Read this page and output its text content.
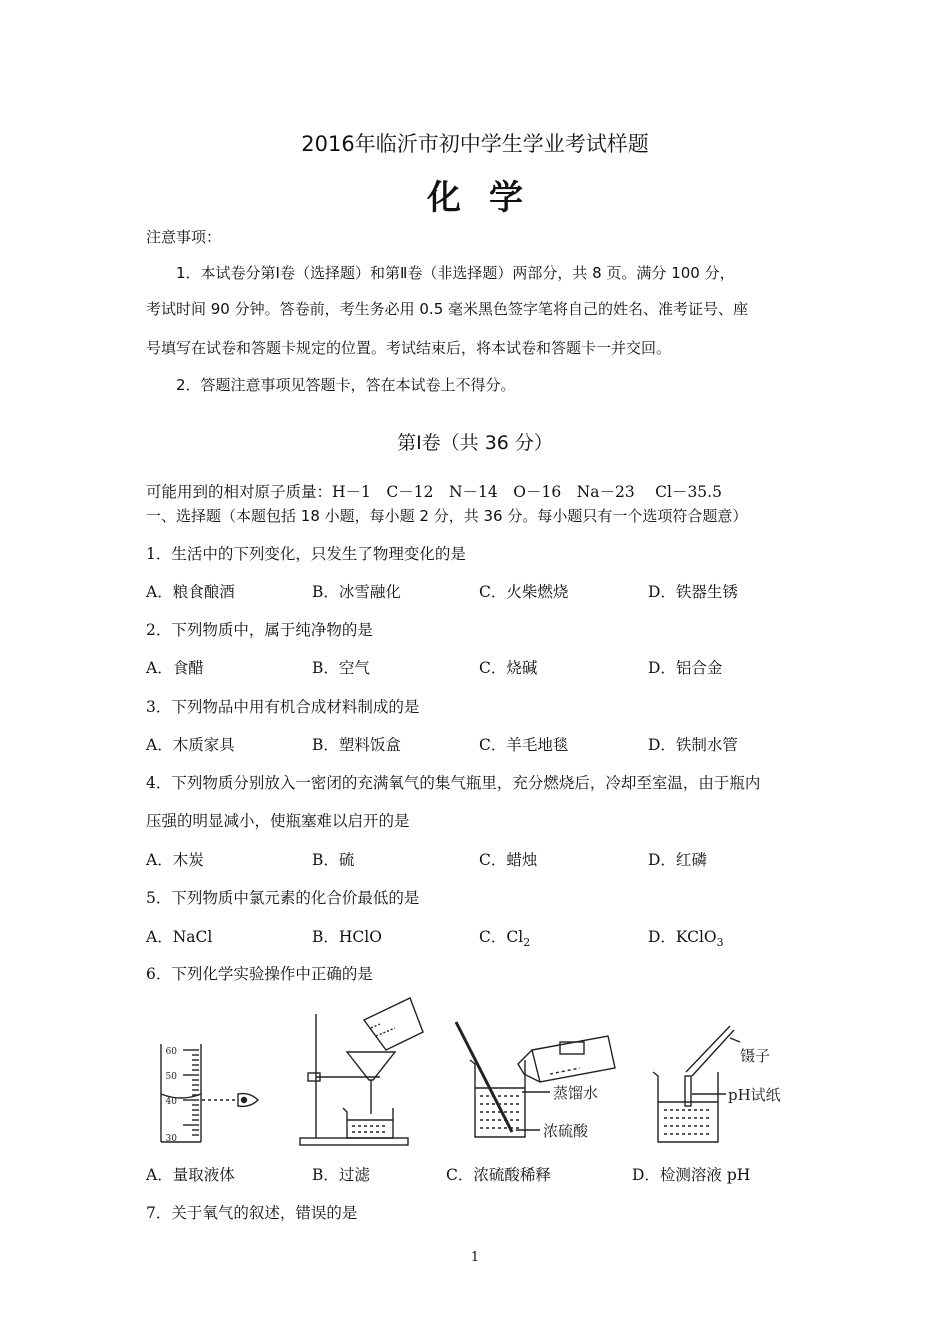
2016年临沂市初中学生学业考试样题
化学
注意事项：
1．本试卷分第Ⅰ卷（选择题）和第Ⅱ卷（非选择题）两部分，共 8 页。满分 100 分，
考试时间 90 分钟。答卷前，考生务必用 0.5 毫米黑色签字笔将自己的姓名、准考证号、座
号填写在试卷和答题卡规定的位置。考试结束后，将本试卷和答题卡一并交回。
2．答题注意事项见答题卡，答在本试卷上不得分。
第Ⅰ卷（共 36 分）
可能用到的相对原子质量：H－1　C－12　N－14　O－16　Na－23　 Cl－35.5
一、选择题（本题包括 18 小题，每小题 2 分，共 36 分。每小题只有一个选项符合题意）
1．生活中的下列变化，只发生了物理变化的是
A．粮食酿酒	B．冰雪融化	C．火柴燃烧	D．铁器生锈
2．下列物质中，属于纯净物的是
A．食醋	B．空气	C．烧碱	D．铝合金
3．下列物品中用有机合成材料制成的是
A．木质家具	B．塑料饭盒	C．羊毛地毯	D．铁制水管
4．下列物质分别放入一密闭的充满氧气的集气瓶里，充分燃烧后，冷却至室温，由于瓶内
压强的明显减小，使瓶塞难以启开的是
A．木炭	B．硫	C．蜡烛	D．红磷
5．下列物质中氯元素的化合价最低的是
A．NaCl	B．HClO	C．$Cl_2$	D．KClO$_3$
6．下列化学实验操作中正确的是
60
50
40
30
蒸馏水
浓硫酸
镊子
pH试纸
A．量取液体	B．过滤	C．浓硫酸稀释	D．检测溶液 pH
7．关于氧气的叙述，错误的是
1
